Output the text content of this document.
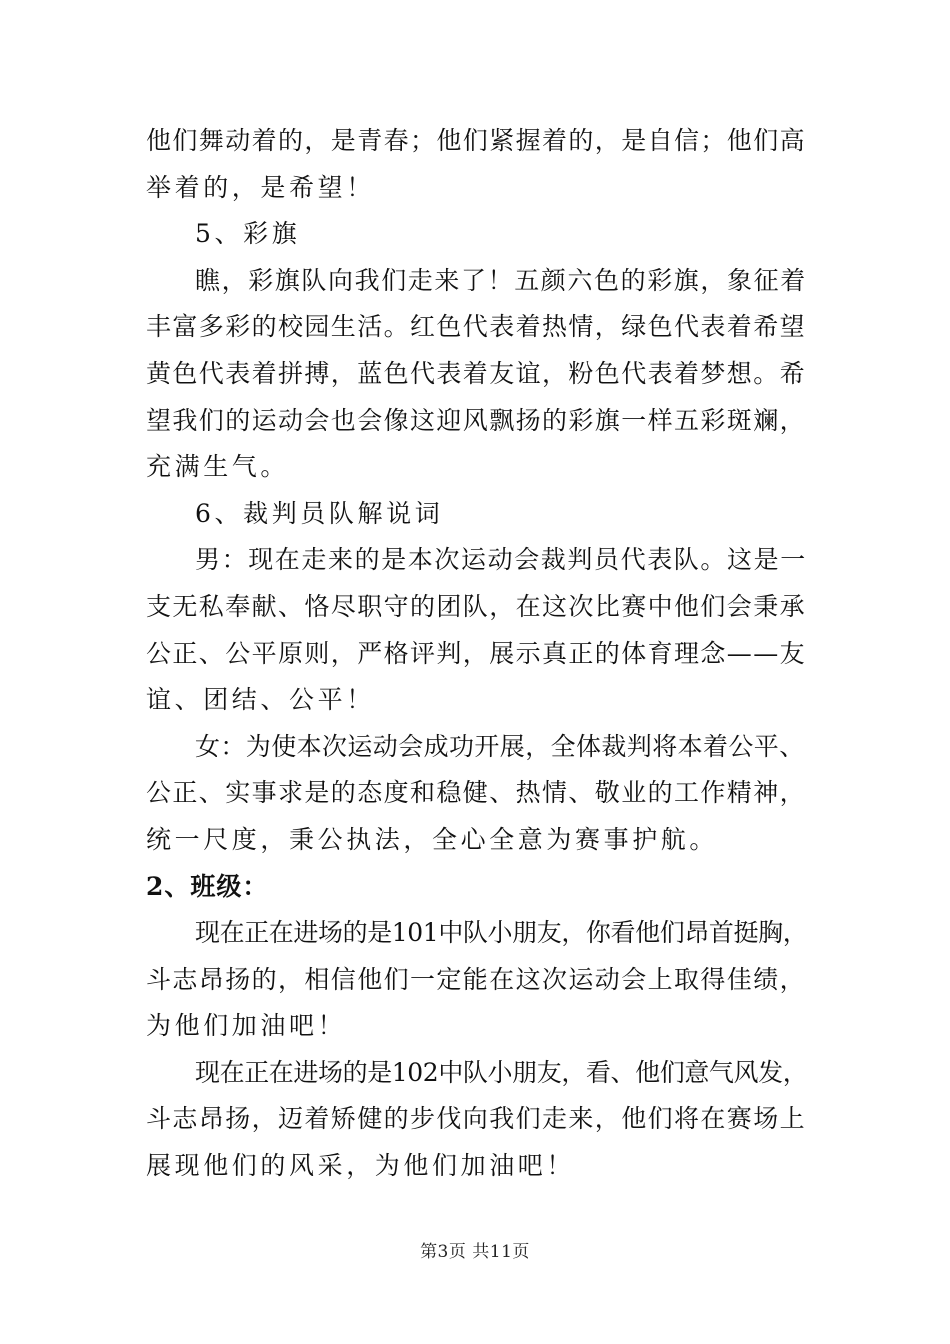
他们舞动着的，是青春；他们紧握着的，是自信；他们高
举着的，是希望！
5、彩旗
瞧，彩旗队向我们走来了！五颜六色的彩旗，象征着
丰富多彩的校园生活。红色代表着热情，绿色代表着希望
黄色代表着拼搏，蓝色代表着友谊，粉色代表着梦想。希
望我们的运动会也会像这迎风飘扬的彩旗一样五彩斑斓，
充满生气。
6、裁判员队解说词
男：现在走来的是本次运动会裁判员代表队。这是一
支无私奉献、恪尽职守的团队，在这次比赛中他们会秉承
公正、公平原则，严格评判，展示真正的体育理念——友
谊、团结、公平！
女：为使本次运动会成功开展，全体裁判将本着公平、
公正、实事求是的态度和稳健、热情、敬业的工作精神，
统一尺度，秉公执法，全心全意为赛事护航。
2、班级：
现在正在进场的是101中队小朋友，你看他们昂首挺胸，
斗志昂扬的，相信他们一定能在这次运动会上取得佳绩，
为他们加油吧！
现在正在进场的是102中队小朋友，看、他们意气风发，
斗志昂扬，迈着矫健的步伐向我们走来，他们将在赛场上
展现他们的风采，为他们加油吧！
第3页 共11页
